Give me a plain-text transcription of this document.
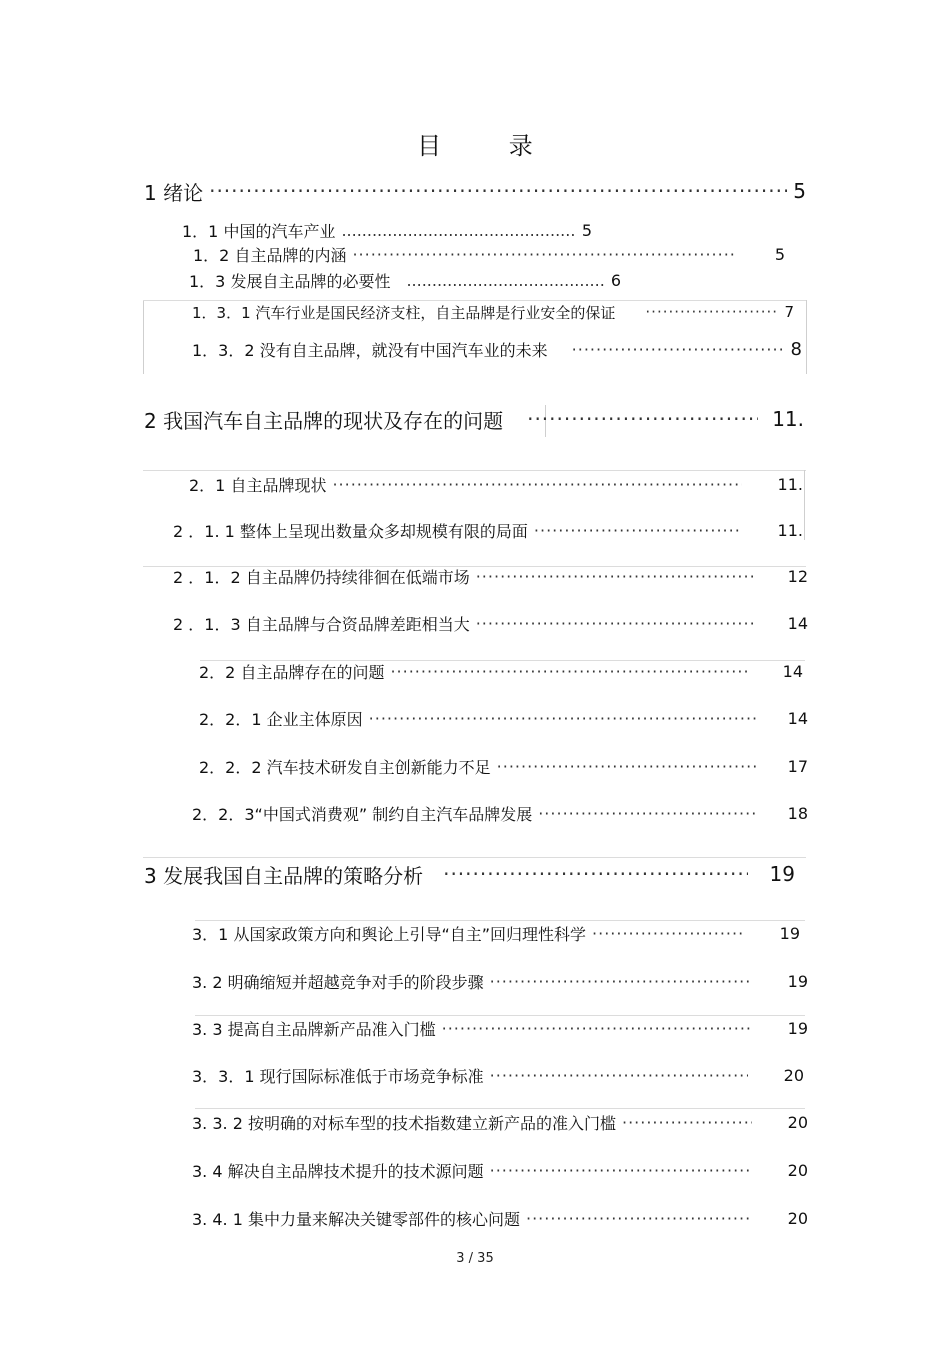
目 录
1 绪论 ·····	5
1．1 中国的汽车产业 .....	5
1．2 自主品牌的内涵 ·····	5
1．3 发展自主品牌的必要性 .....	6
1．3．1 汽车行业是国民经济支柱，自主品牌是行业安全的保证 ·····	7
1．3．2 没有自主品牌，就没有中国汽车业的未来 ·····	8
2 我国汽车自主品牌的现状及存在的问题 ·····	11.
2．1 自主品牌现状 ·····	11.
2 ．1. 1 整体上呈现出数量众多却规模有限的局面 ·····	11.
2 ．1．2 自主品牌仍持续徘徊在低端市场 ·····	12
2 ．1．3 自主品牌与合资品牌差距相当大 ·····	14
2．2 自主品牌存在的问题 ·····	14
2．2．1 企业主体原因 ·····	14
2．2．2 汽车技术研发自主创新能力不足 ·····	17
2．2．3“中国式消费观” 制约自主汽车品牌发展 ·····	18
3 发展我国自主品牌的策略分析 ·····	19
3．1 从国家政策方向和舆论上引导“自主”回归理性科学 ·····	19
3. 2 明确缩短并超越竞争对手的阶段步骤 ·····	19
3. 3 提高自主品牌新产品准入门槛 ·····	19
3．3．1 现行国际标准低于市场竞争标准 ·····	20
3. 3. 2 按明确的对标车型的技术指数建立新产品的准入门槛 ·····	20
3. 4 解决自主品牌技术提升的技术源问题 ·····	20
3. 4. 1 集中力量来解决关键零部件的核心问题 ·····	20
3 / 35
